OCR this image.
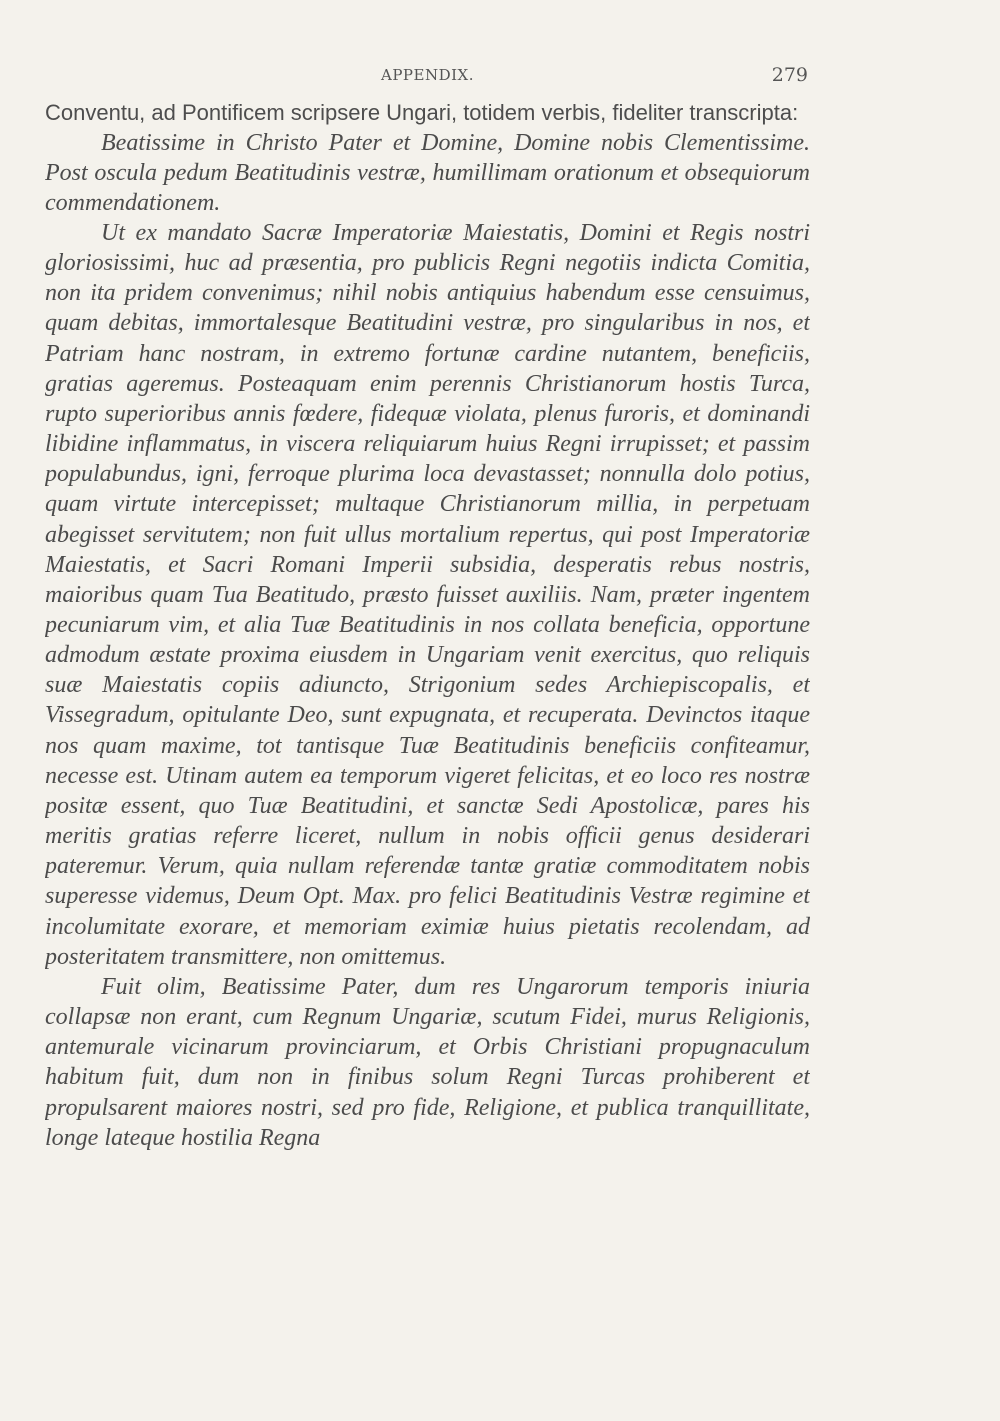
APPENDIX.	279

Conventu, ad Pontificem scripsere Ungari, totidem verbis, fideliter transcripta:

Beatissime in Christo Pater et Domine, Domine nobis Clementissime. Post oscula pedum Beatitudinis vestræ, humillimam orationum et obsequiorum commendationem.

Ut ex mandato Sacræ Imperatoriæ Maiestatis, Domini et Regis nostri gloriosissimi, huc ad præsentia, pro publicis Regni negotiis indicta Comitia, non ita pridem convenimus; nihil nobis antiquius habendum esse censuimus, quam debitas, immortalesque Beatitudini vestræ, pro singularibus in nos, et Patriam hanc nostram, in extremo fortunæ cardine nutantem, beneficiis, gratias ageremus. Posteaquam enim perennis Christianorum hostis Turca, rupto superioribus annis fœdere, fidequæ violata, plenus furoris, et dominandi libidine inflammatus, in viscera reliquiarum huius Regni irrupisset; et passim populabundus, igni, ferroque plurima loca devastasset; nonnulla dolo potius, quam virtute intercepisset; multaque Christianorum millia, in perpetuam abegisset servitutem; non fuit ullus mortalium repertus, qui post Imperatoriæ Maiestatis, et Sacri Romani Imperii subsidia, desperatis rebus nostris, maioribus quam Tua Beatitudo, præsto fuisset auxiliis. Nam, præter ingentem pecuniarum vim, et alia Tuæ Beatitudinis in nos collata beneficia, opportune admodum æstate proxima eiusdem in Ungariam venit exercitus, quo reliquis suæ Maiestatis copiis adiuncto, Strigonium sedes Archiepiscopalis, et Vissegradum, opitulante Deo, sunt expugnata, et recuperata. Devinctos itaque nos quam maxime, tot tantisque Tuæ Beatitudinis beneficiis confiteamur, necesse est. Utinam autem ea temporum vigeret felicitas, et eo loco res nostræ positæ essent, quo Tuæ Beatitudini, et sanctæ Sedi Apostolicæ, pares his meritis gratias referre liceret, nullum in nobis officii genus desiderari pateremur. Verum, quia nullam referendæ tantæ gratiæ commoditatem nobis superesse videmus, Deum Opt. Max. pro felici Beatitudinis Vestræ regimine et incolumitate exorare, et memoriam eximiæ huius pietatis recolendam, ad posteritatem transmittere, non omittemus.

Fuit olim, Beatissime Pater, dum res Ungarorum temporis iniuria collapsæ non erant, cum Regnum Ungariæ, scutum Fidei, murus Religionis, antemurale vicinarum provinciarum, et Orbis Christiani propugnaculum habitum fuit, dum non in finibus solum Regni Turcas prohiberent et propulsarent maiores nostri, sed pro fide, Religione, et publica tranquillitate, longe lateque hostilia Regna
